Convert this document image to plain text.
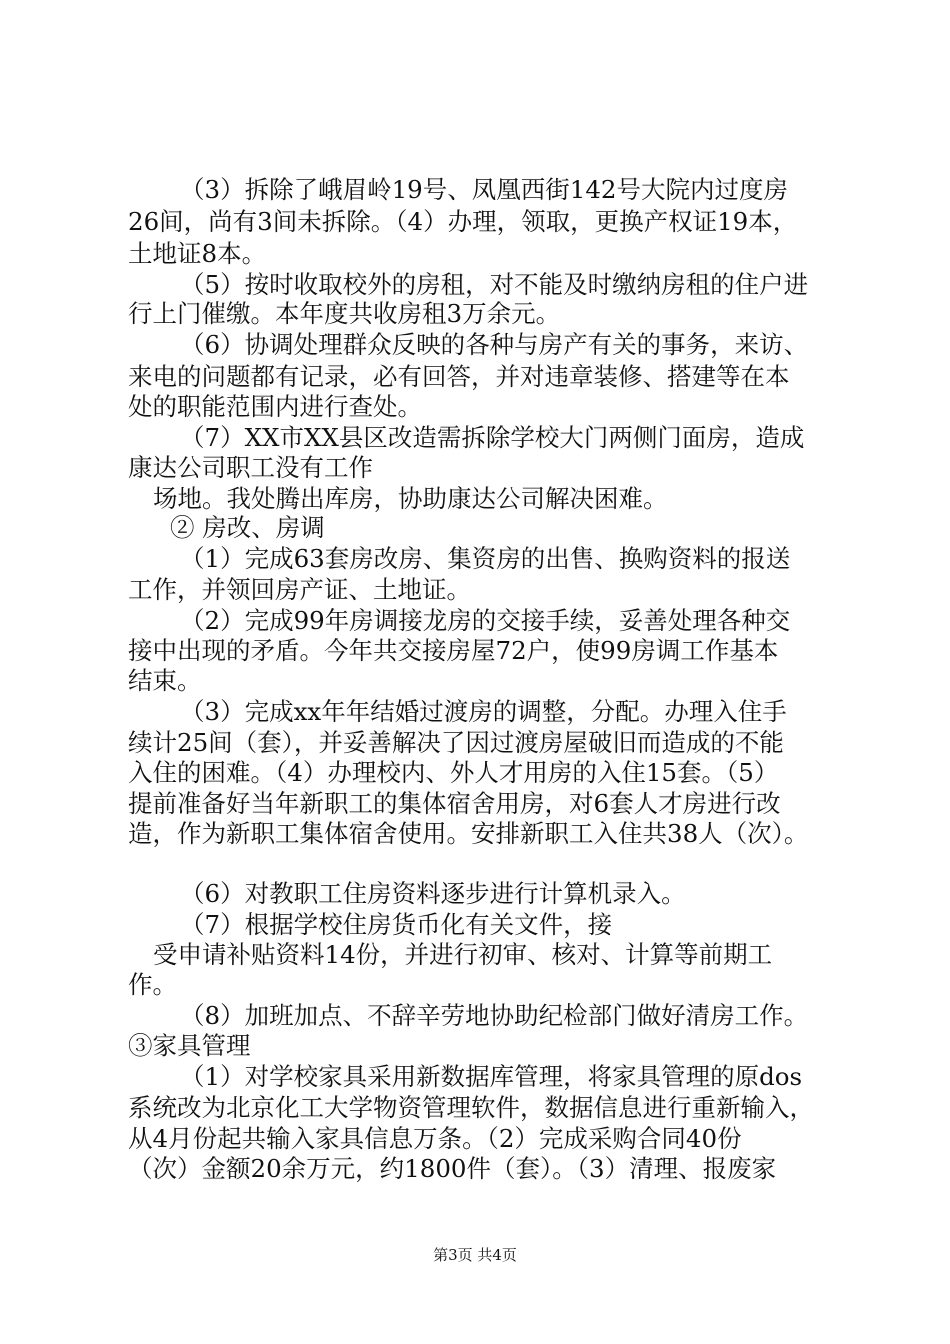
（3）拆除了峨眉岭19号、凤凰西街142号大院内过度房
26间，尚有3间未拆除。（4）办理，领取，更换产权证19本，
土地证8本。
（5）按时收取校外的房租，对不能及时缴纳房租的住户进
行上门催缴。本年度共收房租3万余元。
（6）协调处理群众反映的各种与房产有关的事务，来访、
来电的问题都有记录，必有回答，并对违章装修、搭建等在本
处的职能范围内进行查处。
（7）XX市XX县区改造需拆除学校大门两侧门面房，造成
康达公司职工没有工作
场地。我处腾出库房，协助康达公司解决困难。
② 房改、房调
（1）完成63套房改房、集资房的出售、换购资料的报送
工作，并领回房产证、土地证。
（2）完成99年房调接龙房的交接手续，妥善处理各种交
接中出现的矛盾。今年共交接房屋72户，使99房调工作基本
结束。
（3）完成xx年年结婚过渡房的调整，分配。办理入住手
续计25间（套），并妥善解决了因过渡房屋破旧而造成的不能
入住的困难。（4）办理校内、外人才用房的入住15套。（5）
提前准备好当年新职工的集体宿舍用房，对6套人才房进行改
造，作为新职工集体宿舍使用。安排新职工入住共38人（次）。
（6）对教职工住房资料逐步进行计算机录入。
（7）根据学校住房货币化有关文件，接
受申请补贴资料14份，并进行初审、核对、计算等前期工
作。
（8）加班加点、不辞辛劳地协助纪检部门做好清房工作。
③家具管理
（1）对学校家具采用新数据库管理，将家具管理的原dos
系统改为北京化工大学物资管理软件，数据信息进行重新输入，
从4月份起共输入家具信息万条。（2）完成采购合同40份
（次）金额20余万元，约1800件（套）。（3）清理、报废家
第3页 共4页
